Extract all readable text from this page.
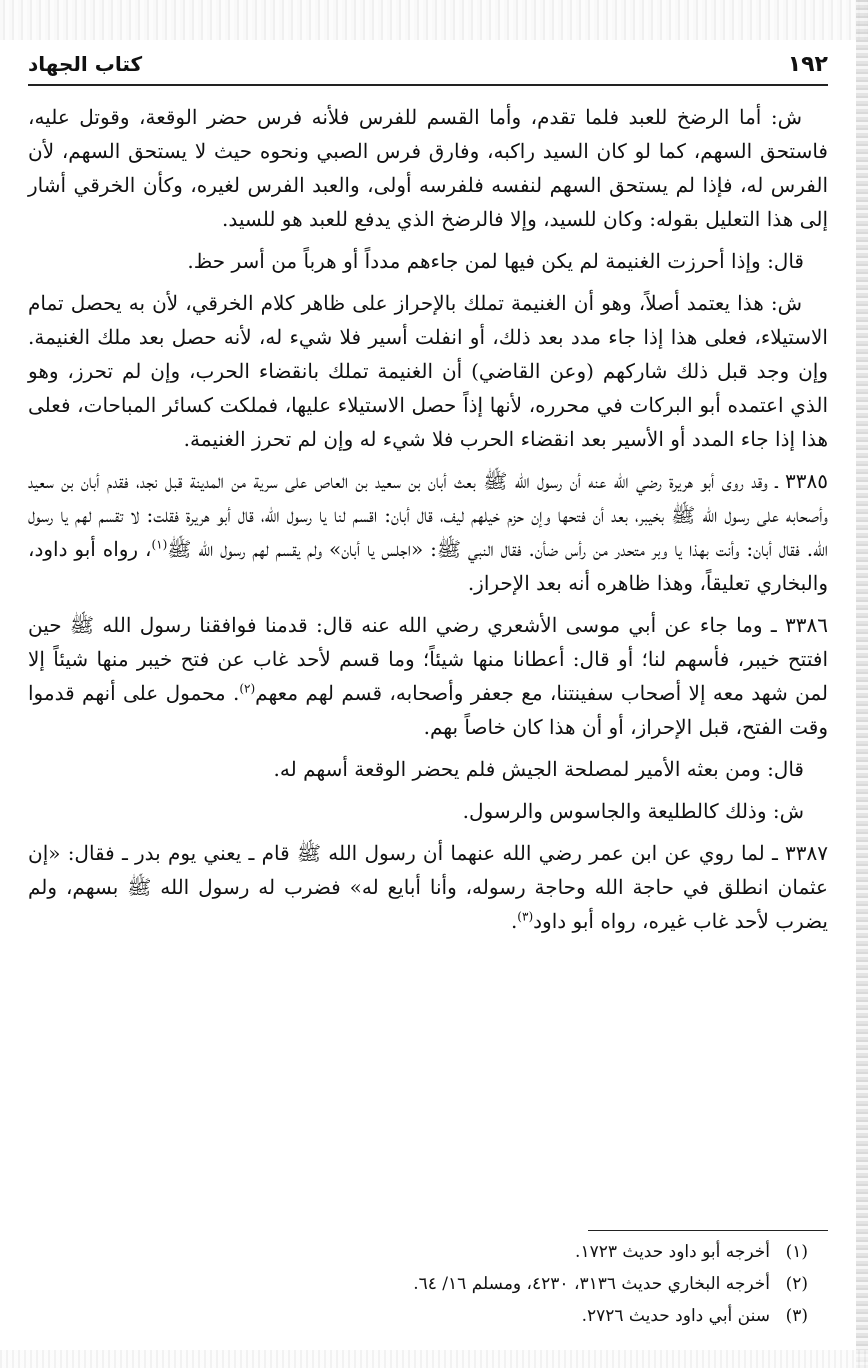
١٩٢
كتاب الجهاد

ش: أما الرضخ للعبد فلما تقدم، وأما القسم للفرس فلأنه فرس حضر الوقعة، وقوتل عليه، فاستحق السهم، كما لو كان السيد راكبه، وفارق فرس الصبي ونحوه حيث لا يستحق السهم، لأن الفرس له، فإذا لم يستحق السهم لنفسه فلفرسه أولى، والعبد الفرس لغيره، وكأن الخرقي أشار إلى هذا التعليل بقوله: وكان للسيد، وإلا فالرضخ الذي يدفع للعبد هو للسيد.

قال: وإذا أحرزت الغنيمة لم يكن فيها لمن جاءهم مدداً أو هرباً من أسر حظ.

ش: هذا يعتمد أصلاً، وهو أن الغنيمة تملك بالإحراز على ظاهر كلام الخرقي، لأن به يحصل تمام الاستيلاء، فعلى هذا إذا جاء مدد بعد ذلك، أو انفلت أسير فلا شيء له، لأنه حصل بعد ملك الغنيمة. وإن وجد قبل ذلك شاركهم (وعن القاضي) أن الغنيمة تملك بانقضاء الحرب، وإن لم تحرز، وهو الذي اعتمده أبو البركات في محرره، لأنها إذاً حصل الاستيلاء عليها، فملكت كسائر المباحات، فعلى هذا إذا جاء المدد أو الأسير بعد انقضاء الحرب فلا شيء له وإن لم تحرز الغنيمة.

٣٣٨٥ ـ وقد روى أبو هريرة رضي الله عنه أن رسول الله ﷺ بعث أبان بن سعيد بن العاص على سرية من المدينة قبل نجد، فقدم أبان بن سعيد وأصحابه على رسول الله ﷺ بخيبر، بعد أن فتحها وإن حزم خيلهم ليف، قال أبان: اقسم لنا يا رسول الله، قال أبو هريرة فقلت: لا تقسم لهم يا رسول الله. فقال أبان: وأنت بهذا يا وبر متحدر من رأس ضأن. فقال النبي ﷺ: «اجلس يا أبان» ولم يقسم لهم رسول الله ﷺ$^{(١)}$، رواه أبو داود، والبخاري تعليقاً، وهذا ظاهره أنه بعد الإحراز.

٣٣٨٦ ـ وما جاء عن أبي موسى الأشعري رضي الله عنه قال: قدمنا فوافقنا رسول الله ﷺ حين افتتح خيبر، فأسهم لنا؛ أو قال: أعطانا منها شيئاً؛ وما قسم لأحد غاب عن فتح خيبر منها شيئاً إلا لمن شهد معه إلا أصحاب سفينتنا، مع جعفر وأصحابه، قسم لهم معهم$^{(٢)}$. محمول على أنهم قدموا وقت الفتح، قبل الإحراز، أو أن هذا كان خاصاً بهم.

قال: ومن بعثه الأمير لمصلحة الجيش فلم يحضر الوقعة أسهم له.

ش: وذلك كالطليعة والجاسوس والرسول.

٣٣٨٧ ـ لما روي عن ابن عمر رضي الله عنهما أن رسول الله ﷺ قام ـ يعني يوم بدر ـ فقال: «إن عثمان انطلق في حاجة الله وحاجة رسوله، وأنا أبايع له» فضرب له رسول الله ﷺ بسهم، ولم يضرب لأحد غاب غيره، رواه أبو داود$^{(٣)}$.

(١)
أخرجه أبو داود حديث ١٧٢٣.
(٢)
أخرجه البخاري حديث ٣١٣٦، ٤٢٣٠، ومسلم ١٦/ ٦٤.
(٣)
سنن أبي داود حديث ٢٧٢٦.
